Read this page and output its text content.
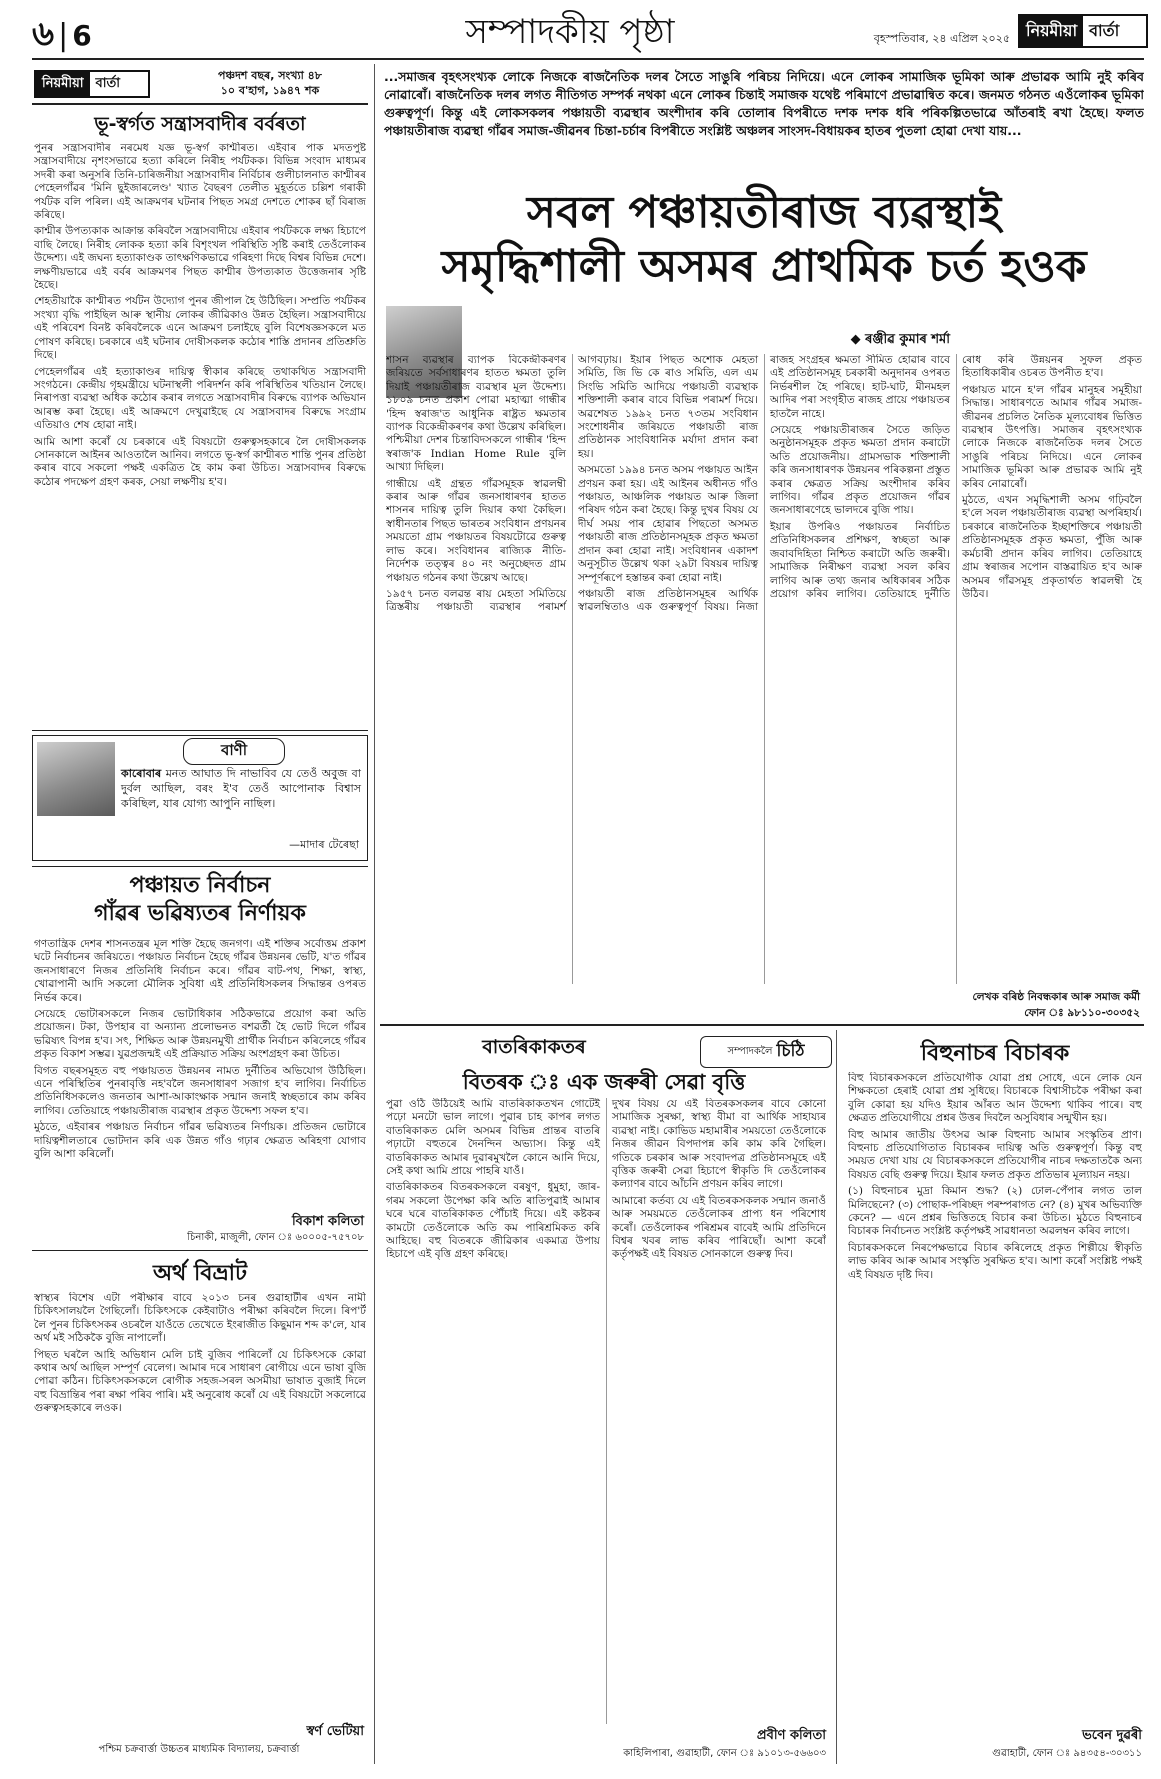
৬ | 6	সম্পাদকীয় পৃষ্ঠা	বৃহস্পতিবাৰ, ২৪ এপ্ৰিল ২০২৫	নিয়মীয়া বাৰ্তা
নিয়মীয়া বাৰ্তা	পঞ্চদশ বছৰ, সংখ্যা ৪৮
১০ ব'হাগ, ১৯৪৭ শক
ভূ-স্বৰ্গত সন্ত্ৰাসবাদীৰ বৰ্বৰতা

পুনৰ সন্ত্ৰাসবাদীৰ নৰমেধ যজ্ঞ ভূ-স্বৰ্গ কাশ্মীৰত। এইবাৰ পাক মদতপুষ্ট সন্ত্ৰাসবাদীয়ে নৃশংসভাৱে হত্যা কৰিলে নিৰীহ পৰ্যটকক। বিভিন্ন সংবাদ মাধ্যমৰ সদৰী কৰা অনুসৰি তিনি-চাৰিজনীয়া সন্ত্ৰাসবাদীৰ নিৰ্বিচাৰ গুলীচালনাত কাশ্মীৰৰ পেহেলগাঁৱৰ 'মিনি ছুইজাৰলেণ্ড' খ্যাত বৈছৰণ তেলীত মুহূৰ্ততে চল্লিশ গৰাকী পৰ্যটক বলি পৰিল। এই আক্ৰমণৰ ঘটনাৰ পিছত সমগ্ৰ দেশতে শোকৰ ছাঁ বিৰাজ কৰিছে।

কাশ্মীৰ উপত্যকাক আক্ৰান্ত কৰিবলৈ সন্ত্ৰাসবাদীয়ে এইবাৰ পৰ্যটককে লক্ষ্য হিচাপে বাছি লৈছে। নিৰীহ লোকক হত্যা কৰি বিশৃংখল পৰিস্থিতি সৃষ্টি কৰাই তেওঁলোকৰ উদ্দেশ্য। এই জঘন্য হত্যাকাণ্ডক তাৎক্ষণিকভাৱে গৰিহণা দিছে বিশ্বৰ বিভিন্ন দেশে। লক্ষণীয়ভাৱে এই বৰ্বৰ আক্ৰমণৰ পিছত কাশ্মীৰ উপত্যকাত উত্তেজনাৰ সৃষ্টি হৈছে।

শেহতীয়াকৈ কাশ্মীৰত পৰ্যটন উদ্যোগ পুনৰ জীপাল হৈ উঠিছিল। সম্প্ৰতি পৰ্যটকৰ সংখ্যা বৃদ্ধি পাইছিল আৰু স্থানীয় লোকৰ জীৱিকাও উন্নত হৈছিল। সন্ত্ৰাসবাদীয়ে এই পৰিবেশ বিনষ্ট কৰিবলৈকে এনে আক্ৰমণ চলাইছে বুলি বিশেষজ্ঞসকলে মত পোষণ কৰিছে। চৰকাৰে এই ঘটনাৰ দোষীসকলক কঠোৰ শাস্তি প্ৰদানৰ প্ৰতিশ্ৰুতি দিছে।

পেহেলগাঁৱৰ এই হত্যাকাণ্ডৰ দায়িত্ব স্বীকাৰ কৰিছে তথাকথিত সন্ত্ৰাসবাদী সংগঠনে। কেন্দ্ৰীয় গৃহমন্ত্ৰীয়ে ঘটনাস্থলী পৰিদৰ্শন কৰি পৰিস্থিতিৰ খতিয়ান লৈছে। নিৰাপত্তা ব্যৱস্থা অধিক কঠোৰ কৰাৰ লগতে সন্ত্ৰাসবাদীৰ বিৰুদ্ধে ব্যাপক অভিযান আৰম্ভ কৰা হৈছে। এই আক্ৰমণে দেখুৱাইছে যে সন্ত্ৰাসবাদৰ বিৰুদ্ধে সংগ্ৰাম এতিয়াও শেষ হোৱা নাই।

আমি আশা কৰোঁ যে চৰকাৰে এই বিষয়টো গুৰুত্বসহকাৰে লৈ দোষীসকলক সোনকালে আইনৰ আওতালৈ আনিব। লগতে ভূ-স্বৰ্গ কাশ্মীৰত শান্তি পুনৰ প্ৰতিষ্ঠা কৰাৰ বাবে সকলো পক্ষই একত্ৰিত হৈ কাম কৰা উচিত। সন্ত্ৰাসবাদৰ বিৰুদ্ধে কঠোৰ পদক্ষেপ গ্ৰহণ কৰক, সেয়া লক্ষণীয় হ'ব।

বাণী
কাৰোবাৰ মনত আঘাত দি নাভাবিব যে তেওঁ অবুজ বা দুৰ্বল আছিল, বৰং ই'ব তেওঁ আপোনাক বিশ্বাস কৰিছিল, যাৰ যোগ্য আপুনি নাছিল।
—মাদাৰ টেৰেছা
পঞ্চায়ত নিৰ্বাচন
গাঁৱৰ ভৱিষ্যতৰ নিৰ্ণায়ক

গণতান্ত্ৰিক দেশৰ শাসনতন্ত্ৰৰ মূল শক্তি হৈছে জনগণ। এই শক্তিৰ সৰ্বোত্তম প্ৰকাশ ঘটে নিৰ্বাচনৰ জৰিয়তে। পঞ্চায়ত নিৰ্বাচন হৈছে গাঁৱৰ উন্নয়নৰ ভেটি, য'ত গাঁৱৰ জনসাধাৰণে নিজৰ প্ৰতিনিধি নিৰ্বাচন কৰে। গাঁৱৰ বাট-পথ, শিক্ষা, স্বাস্থ্য, খোৱাপানী আদি সকলো মৌলিক সুবিধা এই প্ৰতিনিধিসকলৰ সিদ্ধান্তৰ ওপৰত নিৰ্ভৰ কৰে।

সেয়েহে ভোটাৰসকলে নিজৰ ভোটাধিকাৰ সঠিকভাৱে প্ৰয়োগ কৰা অতি প্ৰয়োজন। টকা, উপহাৰ বা অন্যান্য প্ৰলোভনত বশৱৰ্তী হৈ ভোট দিলে গাঁৱৰ ভৱিষ্যৎ বিপন্ন হ'ব। সৎ, শিক্ষিত আৰু উন্নয়নমুখী প্ৰাৰ্থীক নিৰ্বাচন কৰিলেহে গাঁৱৰ প্ৰকৃত বিকাশ সম্ভৱ। যুৱপ্ৰজন্মই এই প্ৰক্ৰিয়াত সক্ৰিয় অংশগ্ৰহণ কৰা উচিত।

বিগত বছৰসমূহত বহু পঞ্চায়তত উন্নয়নৰ নামত দুৰ্নীতিৰ অভিযোগ উঠিছিল। এনে পৰিস্থিতিৰ পুনৰাবৃত্তি নহ'বলৈ জনসাধাৰণ সজাগ হ'ব লাগিব। নিৰ্বাচিত প্ৰতিনিধিসকলেও জনতাৰ আশা-আকাংক্ষাক সন্মান জনাই স্বচ্ছতাৰে কাম কৰিব লাগিব। তেতিয়াহে পঞ্চায়তীৰাজ ব্যৱস্থাৰ প্ৰকৃত উদ্দেশ্য সফল হ'ব।

মুঠতে, এইবাৰৰ পঞ্চায়ত নিৰ্বাচন গাঁৱৰ ভৱিষ্যতৰ নিৰ্ণায়ক। প্ৰতিজন ভোটাৰে দায়িত্বশীলতাৰে ভোটদান কৰি এক উন্নত গাঁও গঢ়াৰ ক্ষেত্ৰত অৰিহণা যোগাব বুলি আশা কৰিলোঁ।

বিকাশ কলিতা
চিনাকী, মাজুলী, ফোন ঃ ৬০০০৫-৭৫৭০৮
অৰ্থ বিভ্ৰাট

স্বাস্থ্যৰ বিশেষ এটা পৰীক্ষাৰ বাবে ২০১৩ চনৰ গুৱাহাটীৰ এখন নামী চিকিৎসালয়লৈ গৈছিলোঁ। চিকিৎসকে কেইবাটাও পৰীক্ষা কৰিবলৈ দিলে। ৰিপ'ৰ্ট লৈ পুনৰ চিকিৎসকৰ ওচৰলৈ যাওঁতে তেখেতে ইংৰাজীত কিছুমান শব্দ ক'লে, যাৰ অৰ্থ মই সঠিককৈ বুজি নাপালোঁ।

পিছত ঘৰলৈ আহি অভিধান মেলি চাই বুজিব পাৰিলোঁ যে চিকিৎসকে কোৱা কথাৰ অৰ্থ আছিল সম্পূৰ্ণ বেলেগ। আমাৰ দৰে সাধাৰণ ৰোগীয়ে এনে ভাষা বুজি পোৱা কঠিন। চিকিৎসকসকলে ৰোগীক সহজ-সৰল অসমীয়া ভাষাত বুজাই দিলে বহু বিভ্ৰান্তিৰ পৰা ৰক্ষা পৰিব পাৰি। মই অনুৰোধ কৰোঁ যে এই বিষয়টো সকলোৱে গুৰুত্বসহকাৰে লওক।

স্বৰ্ণ ভেটিয়া
পশ্চিম চক্ৰবাৰ্ত্তা উচ্চতৰ মাধ্যমিক বিদ্যালয়, চক্ৰবাৰ্ত্তা
...সমাজৰ বৃহৎসংখ্যক লোকে নিজকে ৰাজনৈতিক দলৰ সৈতে সাঙুৰি পৰিচয় নিদিয়ে। এনে লোকৰ সামাজিক ভূমিকা আৰু প্ৰভাৱক আমি নুই কৰিব নোৱাৰোঁ। ৰাজনৈতিক দলৰ লগত নীতিগত সম্পৰ্ক নথকা এনে লোকৰ চিন্তাই সমাজক যথেষ্ট পৰিমাণে প্ৰভাৱান্বিত কৰে। জনমত গঠনত এওঁলোকৰ ভূমিকা গুৰুত্বপূৰ্ণ। কিন্তু এই লোকসকলৰ পঞ্চায়তী ব্যৱস্থাৰ অংশীদাৰ কৰি তোলাৰ বিপৰীতে দশক দশক ধৰি পৰিকল্পিতভাৱে আঁতৰাই ৰখা হৈছে। ফলত পঞ্চায়তীৰাজ ব্যৱস্থা গাঁৱৰ সমাজ-জীৱনৰ চিন্তা-চৰ্চাৰ বিপৰীতে সংশ্লিষ্ট অঞ্চলৰ সাংসদ-বিধায়কৰ হাতৰ পুতলা হোৱা দেখা যায়...
সবল পঞ্চায়তীৰাজ ব্যৱস্থাই
সমৃদ্ধিশালী অসমৰ প্ৰাথমিক চৰ্ত হওক
◆ ৰঞ্জীৱ কুমাৰ শৰ্মা

শাসন ব্যৱস্থাৰ ব্যাপক বিকেন্দ্ৰীকৰণৰ জৰিয়তে সৰ্বসাধাৰণৰ হাতত ক্ষমতা তুলি দিয়াই পঞ্চায়তীৰাজ ব্যৱস্থাৰ মূল উদ্দেশ্য। ১৮০৯ চনত প্ৰকাশ পোৱা মহাত্মা গান্ধীৰ 'হিন্দ স্বৰাজ'ত আধুনিক ৰাষ্ট্ৰত ক্ষমতাৰ ব্যাপক বিকেন্দ্ৰীকৰণৰ কথা উল্লেখ কৰিছিল। পশ্চিমীয়া দেশৰ চিন্তাবিদসকলে গান্ধীৰ 'হিন্দ স্বৰাজ'ক Indian Home Rule বুলি আখ্যা দিছিল।

গান্ধীয়ে এই গ্ৰন্থত গাঁৱসমূহক স্বাৱলম্বী কৰাৰ আৰু গাঁৱৰ জনসাধাৰণৰ হাতত শাসনৰ দায়িত্ব তুলি দিয়াৰ কথা কৈছিল। স্বাধীনতাৰ পিছত ভাৰতৰ সংবিধান প্ৰণয়নৰ সময়তো গ্ৰাম পঞ্চায়তৰ বিষয়টোৱে গুৰুত্ব লাভ কৰে। সংবিধানৰ ৰাজ্যিক নীতি-নিৰ্দেশক তত্ত্বৰ ৪০ নং অনুচ্ছেদত গ্ৰাম পঞ্চায়ত গঠনৰ কথা উল্লেখ আছে।

১৯৫৭ চনত বলৱন্ত ৰায় মেহতা সমিতিয়ে ত্ৰিস্তৰীয় পঞ্চায়তী ব্যৱস্থাৰ পৰামৰ্শ আগবঢ়ায়। ইয়াৰ পিছত অশোক মেহতা সমিতি, জি ভি কে ৰাও সমিতি, এল এম সিংভি সমিতি আদিয়ে পঞ্চায়তী ব্যৱস্থাক শক্তিশালী কৰাৰ বাবে বিভিন্ন পৰামৰ্শ দিয়ে। অৱশেষত ১৯৯২ চনত ৭৩তম সংবিধান সংশোধনীৰ জৰিয়তে পঞ্চায়তী ৰাজ প্ৰতিষ্ঠানক সাংবিধানিক মৰ্যাদা প্ৰদান কৰা হয়।

অসমতো ১৯৯৪ চনত অসম পঞ্চায়ত আইন প্ৰণয়ন কৰা হয়। এই আইনৰ অধীনত গাঁও পঞ্চায়ত, আঞ্চলিক পঞ্চায়ত আৰু জিলা পৰিষদ গঠন কৰা হৈছে। কিন্তু দুখৰ বিষয় যে দীৰ্ঘ সময় পাৰ হোৱাৰ পিছতো অসমত পঞ্চায়তী ৰাজ প্ৰতিষ্ঠানসমূহক প্ৰকৃত ক্ষমতা প্ৰদান কৰা হোৱা নাই। সংবিধানৰ একাদশ অনুসূচীত উল্লেখ থকা ২৯টা বিষয়ৰ দায়িত্ব সম্পূৰ্ণৰূপে হস্তান্তৰ কৰা হোৱা নাই।

পঞ্চায়তী ৰাজ প্ৰতিষ্ঠানসমূহৰ আৰ্থিক স্বাৱলম্বিতাও এক গুৰুত্বপূৰ্ণ বিষয়। নিজা ৰাজহ সংগ্ৰহৰ ক্ষমতা সীমিত হোৱাৰ বাবে এই প্ৰতিষ্ঠানসমূহ চৰকাৰী অনুদানৰ ওপৰত নিৰ্ভৰশীল হৈ পৰিছে। হাট-ঘাট, মীনমহল আদিৰ পৰা সংগৃহীত ৰাজহ প্ৰায়ে পঞ্চায়তৰ হাতলৈ নাহে।

সেয়েহে পঞ্চায়তীৰাজৰ সৈতে জড়িত অনুষ্ঠানসমূহক প্ৰকৃত ক্ষমতা প্ৰদান কৰাটো অতি প্ৰয়োজনীয়। গ্ৰামসভাক শক্তিশালী কৰি জনসাধাৰণক উন্নয়নৰ পৰিকল্পনা প্ৰস্তুত কৰাৰ ক্ষেত্ৰত সক্ৰিয় অংশীদাৰ কৰিব লাগিব। গাঁৱৰ প্ৰকৃত প্ৰয়োজন গাঁৱৰ জনসাধাৰণেহে ভালদৰে বুজি পায়।

ইয়াৰ উপৰিও পঞ্চায়তৰ নিৰ্বাচিত প্ৰতিনিধিসকলৰ প্ৰশিক্ষণ, স্বচ্ছতা আৰু জবাবদিহিতা নিশ্চিত কৰাটো অতি জৰুৰী। সামাজিক নিৰীক্ষণ ব্যৱস্থা সবল কৰিব লাগিব আৰু তথ্য জনাৰ অধিকাৰৰ সঠিক প্ৰয়োগ কৰিব লাগিব। তেতিয়াহে দুৰ্নীতি ৰোধ কৰি উন্নয়নৰ সুফল প্ৰকৃত হিতাধিকাৰীৰ ওচৰত উপনীত হ'ব।

পঞ্চায়ত মানে হ'ল গাঁৱৰ মানুহৰ সমূহীয়া সিদ্ধান্ত। সাধাৰণতে আমাৰ গাঁৱৰ সমাজ-জীৱনৰ প্ৰচলিত নৈতিক মূল্যবোধৰ ভিত্তিত ব্যৱস্থাৰ উৎপত্তি। সমাজৰ বৃহৎসংখ্যক লোকে নিজকে ৰাজনৈতিক দলৰ সৈতে সাঙুৰি পৰিচয় নিদিয়ে। এনে লোকৰ সামাজিক ভূমিকা আৰু প্ৰভাৱক আমি নুই কৰিব নোৱাৰোঁ।

মুঠতে, এখন সমৃদ্ধিশালী অসম গঢ়িবলৈ হ'লে সবল পঞ্চায়তীৰাজ ব্যৱস্থা অপৰিহাৰ্য। চৰকাৰে ৰাজনৈতিক ইচ্ছাশক্তিৰে পঞ্চায়তী প্ৰতিষ্ঠানসমূহক প্ৰকৃত ক্ষমতা, পুঁজি আৰু কৰ্মচাৰী প্ৰদান কৰিব লাগিব। তেতিয়াহে গ্ৰাম স্বৰাজৰ সপোন বাস্তৱায়িত হ'ব আৰু অসমৰ গাঁৱসমূহ প্ৰকৃতাৰ্থত স্বাৱলম্বী হৈ উঠিব।

লেখক বৰিষ্ঠ নিবন্ধকাৰ আৰু সমাজ কৰ্মী
ফোন ঃ ৯৮১১০-৩০৩৫২
সম্পাদকলৈ চিঠি
বাতৰিকাকতৰ
বিতৰক ঃ এক জৰুৰী সেৱা বৃত্তি

পুৱা ওঠি উঠিয়েই আমি বাতৰিকাকতখন গোটেই পঢ়ো মনটো ভাল লাগে। পুৱাৰ চাহ কাপৰ লগত বাতৰিকাকত মেলি অসমৰ বিভিন্ন প্ৰান্তৰ বাতৰি পঢ়াটো বহুতৰে দৈনন্দিন অভ্যাস। কিন্তু এই বাতৰিকাকত আমাৰ দুৱাৰমুখলৈ কোনে আনি দিয়ে, সেই কথা আমি প্ৰায়ে পাহৰি যাওঁ।

বাতৰিকাকতৰ বিতৰকসকলে বৰষুণ, ধুমুহা, জাৰ-গৰম সকলো উপেক্ষা কৰি অতি ৰাতিপুৱাই আমাৰ ঘৰে ঘৰে বাতৰিকাকত পৌঁচাই দিয়ে। এই কষ্টকৰ কামটো তেওঁলোকে অতি কম পাৰিশ্ৰমিকত কৰি আহিছে। বহু বিতৰকে জীৱিকাৰ একমাত্ৰ উপায় হিচাপে এই বৃত্তি গ্ৰহণ কৰিছে।

দুখৰ বিষয় যে এই বিতৰকসকলৰ বাবে কোনো সামাজিক সুৰক্ষা, স্বাস্থ্য বীমা বা আৰ্থিক সাহায্যৰ ব্যৱস্থা নাই। কোভিড মহামাৰীৰ সময়তো তেওঁলোকে নিজৰ জীৱন বিপদাপন্ন কৰি কাম কৰি গৈছিল। গতিকে চৰকাৰ আৰু সংবাদপত্ৰ প্ৰতিষ্ঠানসমূহে এই বৃত্তিক জৰুৰী সেৱা হিচাপে স্বীকৃতি দি তেওঁলোকৰ কল্যাণৰ বাবে আঁচনি প্ৰণয়ন কৰিব লাগে।

আমাৰো কৰ্তব্য যে এই বিতৰকসকলক সন্মান জনাওঁ আৰু সময়মতে তেওঁলোকৰ প্ৰাপ্য ধন পৰিশোধ কৰোঁ। তেওঁলোকৰ পৰিশ্ৰমৰ বাবেই আমি প্ৰতিদিনে বিশ্বৰ খবৰ লাভ কৰিব পাৰিছোঁ। আশা কৰোঁ কৰ্তৃপক্ষই এই বিষয়ত সোনকালে গুৰুত্ব দিব।

প্ৰবীণ কলিতা
কাহিলিপাৰা, গুৱাহাটী, ফোন ঃ ৯১০১৩-৫৬৬০৩
বিহুনাচৰ বিচাৰক

বিহু বিচাৰকসকলে প্ৰতিযোগীক যোৱা প্ৰশ্ন সোধে, এনে লোক যেন শিক্ষকতো হেৰাই যোৱা প্ৰশ্ন সুধিছে। বিচাৰকে বিশ্বাসীচকৈ পৰীক্ষা কৰা বুলি কোৱা হয় যদিও ইয়াৰ আঁৰত আন উদ্দেশ্য থাকিব পাৰে। বহু ক্ষেত্ৰত প্ৰতিযোগীয়ে প্ৰশ্নৰ উত্তৰ দিবলৈ অসুবিধাৰ সন্মুখীন হয়।

বিহু আমাৰ জাতীয় উৎসৱ আৰু বিহুনাচ আমাৰ সংস্কৃতিৰ প্ৰাণ। বিহুনাচ প্ৰতিযোগিতাত বিচাৰকৰ দায়িত্ব অতি গুৰুত্বপূৰ্ণ। কিন্তু বহু সময়ত দেখা যায় যে বিচাৰকসকলে প্ৰতিযোগীৰ নাচৰ দক্ষতাতকৈ অন্য বিষয়ত বেছি গুৰুত্ব দিয়ে। ইয়াৰ ফলত প্ৰকৃত প্ৰতিভাৰ মূল্যায়ন নহয়।

(১) বিহুনাচৰ মুদ্ৰা কিমান শুদ্ধ? (২) ঢোল-পেঁপাৰ লগত তাল মিলিছেনে? (৩) পোছাক-পৰিচ্ছদ পৰম্পৰাগত নে? (৪) মুখৰ অভিব্যক্তি কেনে? — এনে প্ৰশ্নৰ ভিত্তিতহে বিচাৰ কৰা উচিত। মুঠতে বিহুনাচৰ বিচাৰক নিৰ্বাচনত সংশ্লিষ্ট কৰ্তৃপক্ষই সাৱধানতা অৱলম্বন কৰিব লাগে।

বিচাৰকসকলে নিৰপেক্ষভাৱে বিচাৰ কৰিলেহে প্ৰকৃত শিল্পীয়ে স্বীকৃতি লাভ কৰিব আৰু আমাৰ সংস্কৃতি সুৰক্ষিত হ'ব। আশা কৰোঁ সংশ্লিষ্ট পক্ষই এই বিষয়ত দৃষ্টি দিব।

ভবেন দুৱৰী
গুৱাহাটী, ফোন ঃ ৯৪৩৫৪-৩০৩১১
